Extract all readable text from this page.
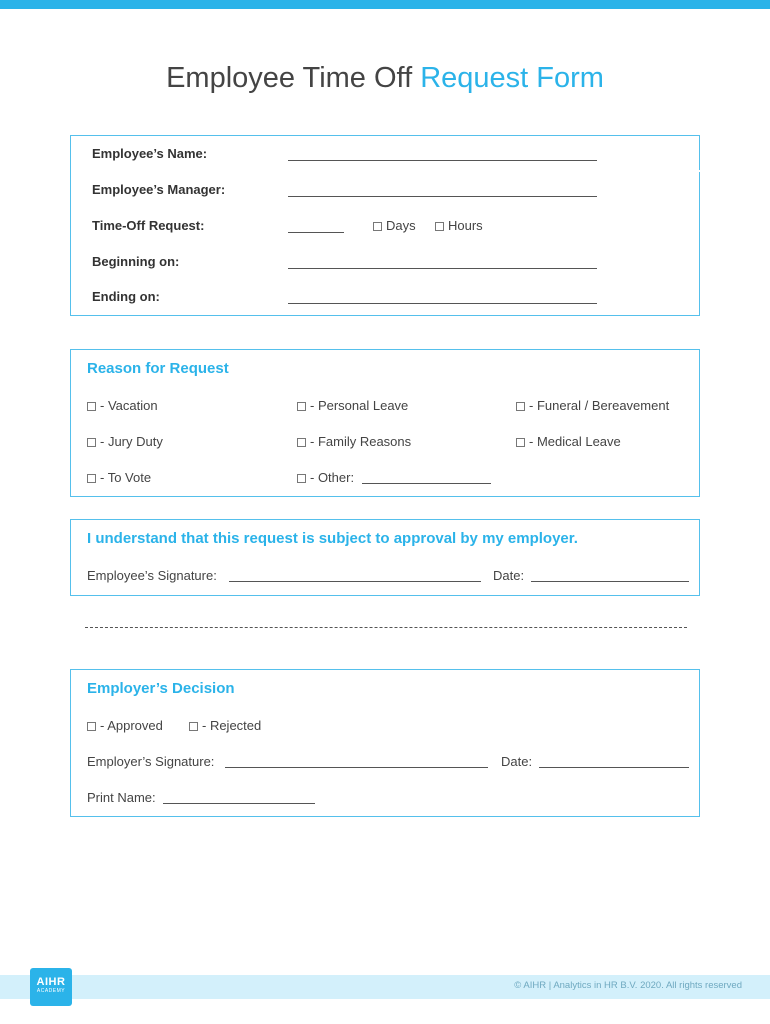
Employee Time Off Request Form
Employee’s Name:
Employee’s Manager:
Time-Off Request:	Days	Hours
Beginning on:
Ending on:
Reason for Request
- Vacation	- Personal Leave	- Funeral / Bereavement
- Jury Duty	- Family Reasons	- Medical Leave
- To Vote	- Other:
I understand that this request is subject to approval by my employer.
Employee’s Signature:	Date:
Employer’s Decision
- Approved	- Rejected
Employer’s Signature:	Date:
Print Name:
AIHR
ACADEMY	© AIHR | Analytics in HR B.V. 2020. All rights reserved
